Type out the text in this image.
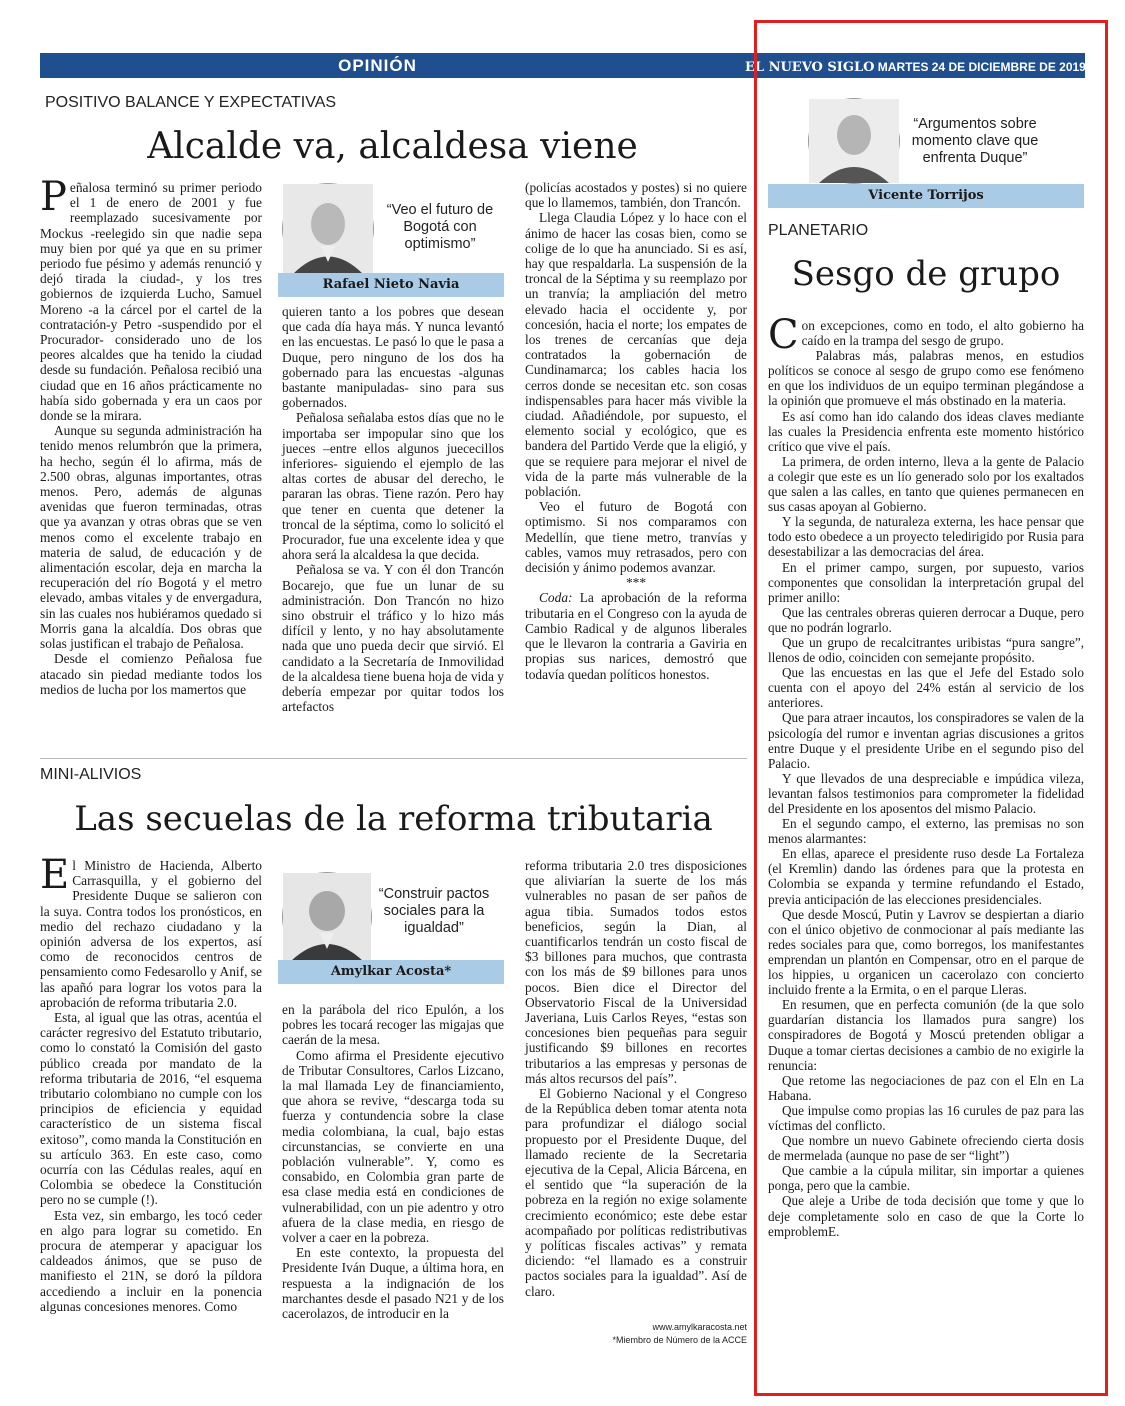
OPINIÓN	EL NUEVO SIGLO MARTES 24 DE DICIEMBRE DE 2019 9A
POSITIVO BALANCE Y EXPECTATIVAS
Alcalde va, alcaldesa viene

Peñalosa terminó su primer periodo el 1 de enero de 2001 y fue reemplazado sucesivamente por Mockus -reelegido sin que nadie sepa muy bien por qué ya que en su primer periodo fue pésimo y además renunció y dejó tirada la ciudad-, y los tres gobiernos de izquierda Lucho, Samuel Moreno -a la cárcel por el cartel de la contratación-y Petro -suspendido por el Procurador- considerado uno de los peores alcaldes que ha tenido la ciudad desde su fundación. Peñalosa recibió una ciudad que en 16 años prácticamente no había sido gobernada y era un caos por donde se la mirara.

Aunque su segunda administración ha tenido menos relumbrón que la primera, ha hecho, según él lo afirma, más de 2.500 obras, algunas importantes, otras menos. Pero, además de algunas avenidas que fueron terminadas, otras que ya avanzan y otras obras que se ven menos como el excelente trabajo en materia de salud, de educación y de alimentación escolar, deja en marcha la recuperación del río Bogotá y el metro elevado, ambas vitales y de envergadura, sin las cuales nos hubiéramos quedado si Morris gana la alcaldía. Dos obras que solas justifican el trabajo de Peñalosa.

Desde el comienzo Peñalosa fue atacado sin piedad mediante todos los medios de lucha por los mamertos que

“Veo el futuro de Bogotá con optimismo”
Rafael Nieto Navia

quieren tanto a los pobres que desean que cada día haya más. Y nunca levantó en las encuestas. Le pasó lo que le pasa a Duque, pero ninguno de los dos ha gobernado para las encuestas -algunas bastante manipuladas- sino para sus gobernados.

Peñalosa señalaba estos días que no le importaba ser impopular sino que los jueces –entre ellos algunos juececillos inferiores- siguiendo el ejemplo de las altas cortes de abusar del derecho, le pararan las obras. Tiene razón. Pero hay que tener en cuenta que detener la troncal de la séptima, como lo solicitó el Procurador, fue una excelente idea y que ahora será la alcaldesa la que decida.

Peñalosa se va. Y con él don Trancón Bocarejo, que fue un lunar de su administración. Don Trancón no hizo sino obstruir el tráfico y lo hizo más difícil y lento, y no hay absolutamente nada que uno pueda decir que sirvió. El candidato a la Secretaría de Inmovilidad de la alcaldesa tiene buena hoja de vida y debería empezar por quitar todos los artefactos

(policías acostados y postes) si no quiere que lo llamemos, también, don Trancón.

Llega Claudia López y lo hace con el ánimo de hacer las cosas bien, como se colige de lo que ha anunciado. Si es así, hay que respaldarla. La suspensión de la troncal de la Séptima y su reemplazo por un tranvía; la ampliación del metro elevado hacia el occidente y, por concesión, hacia el norte; los empates de los trenes de cercanías que deja contratados la gobernación de Cundinamarca; los cables hacia los cerros donde se necesitan etc. son cosas indispensables para hacer más vivible la ciudad. Añadiéndole, por supuesto, el elemento social y ecológico, que es bandera del Partido Verde que la eligió, y que se requiere para mejorar el nivel de vida de la parte más vulnerable de la población.

Veo el futuro de Bogotá con optimismo. Si nos comparamos con Medellín, que tiene metro, tranvías y cables, vamos muy retrasados, pero con decisión y ánimo podemos avanzar.

***

Coda: La aprobación de la reforma tributaria en el Congreso con la ayuda de Cambio Radical y de algunos liberales que le llevaron la contraria a Gaviria en propias sus narices, demostró que todavía quedan políticos honestos.

MINI-ALIVIOS
Las secuelas de la reforma tributaria

El Ministro de Hacienda, Alberto Carrasquilla, y el gobierno del Presidente Duque se salieron con la suya. Contra todos los pronósticos, en medio del rechazo ciudadano y la opinión adversa de los expertos, así como de reconocidos centros de pensamiento como Fedesarollo y Anif, se las apañó para lograr los votos para la aprobación de reforma tributaria 2.0.

Esta, al igual que las otras, acentúa el carácter regresivo del Estatuto tributario, como lo constató la Comisión del gasto público creada por mandato de la reforma tributaria de 2016, “el esquema tributario colombiano no cumple con los principios de eficiencia y equidad característico de un sistema fiscal exitoso”, como manda la Constitución en su artículo 363. En este caso, como ocurría con las Cédulas reales, aquí en Colombia se obedece la Constitución pero no se cumple (!).

Esta vez, sin embargo, les tocó ceder en algo para lograr su cometido. En procura de atemperar y apaciguar los caldeados ánimos, que se puso de manifiesto el 21N, se doró la píldora accediendo a incluir en la ponencia algunas concesiones menores. Como

“Construir pactos sociales para la igualdad”
Amylkar Acosta*

en la parábola del rico Epulón, a los pobres les tocará recoger las migajas que caerán de la mesa.

Como afirma el Presidente ejecutivo de Tributar Consultores, Carlos Lizcano, la mal llamada Ley de financiamiento, que ahora se revive, “descarga toda su fuerza y contundencia sobre la clase media colombiana, la cual, bajo estas circunstancias, se convierte en una población vulnerable”. Y, como es consabido, en Colombia gran parte de esa clase media está en condiciones de vulnerabilidad, con un pie adentro y otro afuera de la clase media, en riesgo de volver a caer en la pobreza.

En este contexto, la propuesta del Presidente Iván Duque, a última hora, en respuesta a la indignación de los marchantes desde el pasado N21 y de los cacerolazos, de introducir en la

reforma tributaria 2.0 tres disposiciones que aliviarían la suerte de los más vulnerables no pasan de ser paños de agua tibia. Sumados todos estos beneficios, según la Dian, al cuantificarlos tendrán un costo fiscal de $3 billones para muchos, que contrasta con los más de $9 billones para unos pocos. Bien dice el Director del Observatorio Fiscal de la Universidad Javeriana, Luis Carlos Reyes, “estas son concesiones bien pequeñas para seguir justificando $9 billones en recortes tributarios a las empresas y personas de más altos recursos del país”.

El Gobierno Nacional y el Congreso de la República deben tomar atenta nota para profundizar el diálogo social propuesto por el Presidente Duque, del llamado reciente de la Secretaria ejecutiva de la Cepal, Alicia Bárcena, en el sentido que “la superación de la pobreza en la región no exige solamente crecimiento económico; este debe estar acompañado por políticas redistributivas y políticas fiscales activas” y remata diciendo: “el llamado es a construir pactos sociales para la igualdad”. Así de claro.

www.amylkaracosta.net
*Miembro de Número de la ACCE
“Argumentos sobre momento clave que enfrenta Duque”
Vicente Torrijos
PLANETARIO
Sesgo de grupo

Con excepciones, como en todo, el alto gobierno ha caído en la trampa del sesgo de grupo.

Palabras más, palabras menos, en estudios políticos se conoce al sesgo de grupo como ese fenómeno en que los individuos de un equipo terminan plegándose a la opinión que promueve el más obstinado en la materia.

Es así como han ido calando dos ideas claves mediante las cuales la Presidencia enfrenta este momento histórico crítico que vive el país.

La primera, de orden interno, lleva a la gente de Palacio a colegir que este es un lío generado solo por los exaltados que salen a las calles, en tanto que quienes permanecen en sus casas apoyan al Gobierno.

Y la segunda, de naturaleza externa, les hace pensar que todo esto obedece a un proyecto teledirigido por Rusia para desestabilizar a las democracias del área.

En el primer campo, surgen, por supuesto, varios componentes que consolidan la interpretación grupal del primer anillo:

Que las centrales obreras quieren derrocar a Duque, pero que no podrán lograrlo.

Que un grupo de recalcitrantes uribistas “pura sangre”, llenos de odio, coinciden con semejante propósito.

Que las encuestas en las que el Jefe del Estado solo cuenta con el apoyo del 24% están al servicio de los anteriores.

Que para atraer incautos, los conspiradores se valen de la psicología del rumor e inventan agrias discusiones a gritos entre Duque y el presidente Uribe en el segundo piso del Palacio.

Y que llevados de una despreciable e impúdica vileza, levantan falsos testimonios para comprometer la fidelidad del Presidente en los aposentos del mismo Palacio.

En el segundo campo, el externo, las premisas no son menos alarmantes:

En ellas, aparece el presidente ruso desde La Fortaleza (el Kremlin) dando las órdenes para que la protesta en Colombia se expanda y termine refundando el Estado, previa anticipación de las elecciones presidenciales.

Que desde Moscú, Putin y Lavrov se despiertan a diario con el único objetivo de conmocionar al país mediante las redes sociales para que, como borregos, los manifestantes emprendan un plantón en Compensar, otro en el parque de los hippies, u organicen un cacerolazo con concierto incluido frente a la Ermita, o en el parque Lleras.

En resumen, que en perfecta comunión (de la que solo guardarían distancia los llamados pura sangre) los conspiradores de Bogotá y Moscú pretenden obligar a Duque a tomar ciertas decisiones a cambio de no exigirle la renuncia:

Que retome las negociaciones de paz con el Eln en La Habana.

Que impulse como propias las 16 curules de paz para las víctimas del conflicto.

Que nombre un nuevo Gabinete ofreciendo cierta dosis de mermelada (aunque no pase de ser “light”)

Que cambie a la cúpula militar, sin importar a quienes ponga, pero que la cambie.

Que aleje a Uribe de toda decisión que tome y que lo deje completamente solo en caso de que la Corte lo emproblemE.
